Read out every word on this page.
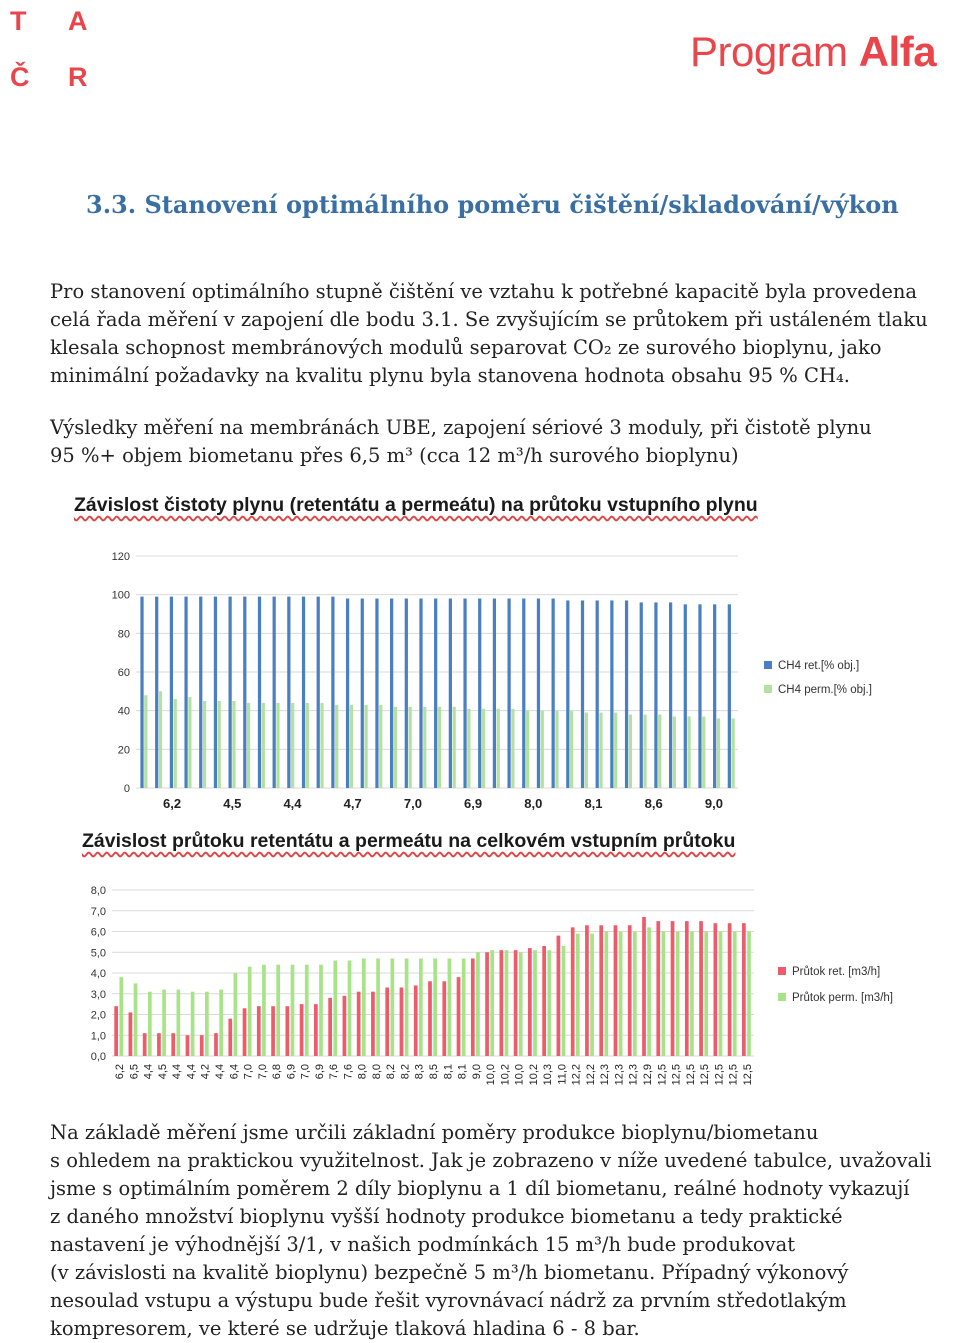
T A
Č R
Program Alfa
3.3. Stanovení optimálního poměru čištění/skladování/výkon
Pro stanovení optimálního stupně čištění ve vztahu k potřebné kapacitě byla provedena
celá řada měření v zapojení dle bodu 3.1. Se zvyšujícím se průtokem při ustáleném tlaku
klesala schopnost membránových modulů separovat CO₂ ze surového bioplynu, jako
minimální požadavky na kvalitu plynu byla stanovena hodnota obsahu 95 % CH₄.
Výsledky měření na membránách UBE, zapojení sériové 3 moduly, při čistotě plynu
95 %+ objem biometanu přes 6,5 m³ (cca 12 m³/h surového bioplynu)
Závislost čistoty plynu (retentátu a permeátu) na průtoku vstupního plynu
0
20
40
60
80
100
120
6,2	4,5	4,4	4,7	7,0	6,9	8,0	8,1	8,6	9,0
CH4 ret.[% obj.]
CH4 perm.[% obj.]
Závislost průtoku retentátu a permeátu na celkovém vstupním průtoku
0,0
1,0
2,0
3,0
4,0
5,0
6,0
7,0
8,0
6,2 6,5 4,4 4,5 4,4 4,4 4,2 4,4 6,4 7,0 7,0 6,8 6,9 7,0 6,9 7,6 7,6 8,0 8,0 8,2 8,2 8,3 8,5 8,1 8,1 9,0 10,0 10,2 10,0 10,2 10,3 11,0 12,2 12,2 12,3 12,3 12,3 12,9 12,5 12,5 12,5 12,5 12,5 12,5 12,5
Průtok ret. [m3/h]
Průtok perm. [m3/h]
Na základě měření jsme určili základní poměry produkce bioplynu/biometanu
s ohledem na praktickou využitelnost. Jak je zobrazeno v níže uvedené tabulce, uvažovali
jsme s optimálním poměrem 2 díly bioplynu a 1 díl biometanu, reálné hodnoty vykazují
z daného množství bioplynu vyšší hodnoty produkce biometanu a tedy praktické
nastavení je výhodnější 3/1, v našich podmínkách 15 m³/h bude produkovat
(v závislosti na kvalitě bioplynu) bezpečně 5 m³/h biometanu. Případný výkonový
nesoulad vstupu a výstupu bude řešit vyrovnávací nádrž za prvním středotlakým
kompresorem, ve které se udržuje tlaková hladina 6 - 8 bar.
